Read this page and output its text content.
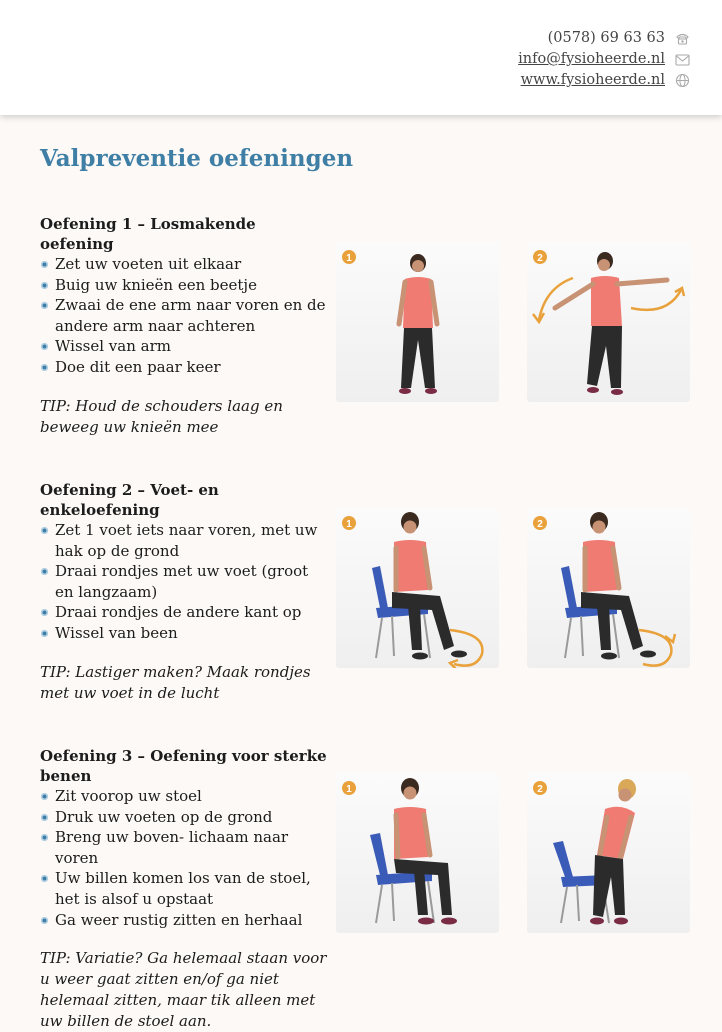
(0578) 69 63 63
info@fysioheerde.nl
www.fysioheerde.nl
Valpreventie oefeningen
Oefening 1 – Losmakende oefening
Zet uw voeten uit elkaar
Buig uw knieën een beetje
Zwaai de ene arm naar voren en de andere arm naar achteren
Wissel van arm
Doe dit een paar keer

TIP: Houd de schouders laag en beweeg uw knieën mee

1	2
Oefening 2 – Voet- en enkeloefening
Zet 1 voet iets naar voren, met uw hak op de grond
Draai rondjes met uw voet (groot en langzaam)
Draai rondjes de andere kant op
Wissel van been

TIP: Lastiger maken? Maak rondjes met uw voet in de lucht

1	2
Oefening 3 – Oefening voor sterke benen
Zit voorop uw stoel
Druk uw voeten op de grond
Breng uw boven- lichaam naar voren
Uw billen komen los van de stoel, het is alsof u opstaat
Ga weer rustig zitten en herhaal

TIP: Variatie? Ga helemaal staan voor u weer gaat zitten en/of ga niet helemaal zitten, maar tik alleen met uw billen de stoel aan.

1	2
